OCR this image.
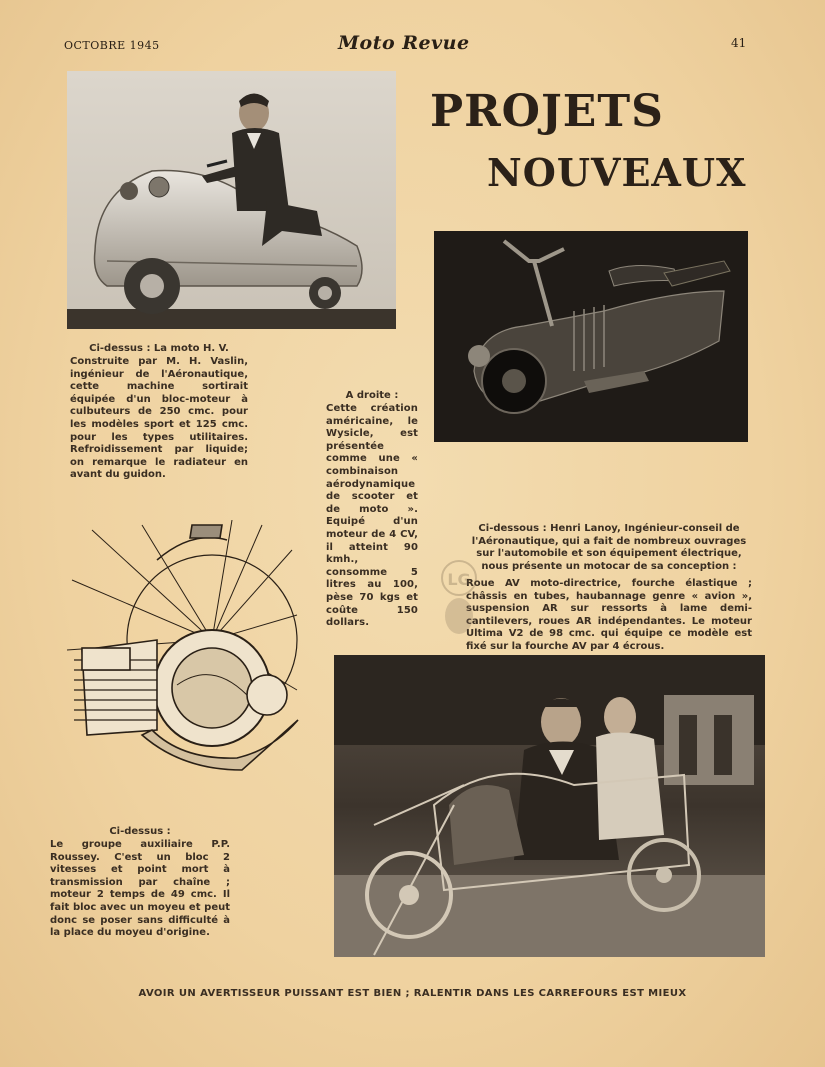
OCTOBRE 1945	Moto Revue	41
PROJETS
NOUVEAUX
Ci-dessus : La moto H. V.
Construite par M. H. Vaslin, ingénieur de l'Aéronautique, cette machine sortirait équipée d'un bloc-moteur à culbuteurs de 250 cmc. pour les modèles sport et 125 cmc. pour les types utilitaires. Refroidissement par liquide; on remarque le radiateur en avant du guidon.
A droite :
Cette création américaine, le Wysicle, est présentée comme une « combinaison aérodynamique de scooter et de moto ». Equipé d'un moteur de 4 CV, il atteint 90 kmh., consomme 5 litres au 100, pèse 70 kgs et coûte 150 dollars.
Ci-dessous : Henri Lanoy, Ingénieur-conseil de l'Aéronautique, qui a fait de nombreux ouvrages sur l'automobile et son équipement électrique, nous présente un motocar de sa conception :
Roue AV moto-directrice, fourche élastique ; châssis en tubes, haubannage genre « avion », suspension AR sur ressorts à lame demi-cantilevers, roues AR indépendantes. Le moteur Ultima V2 de 98 cmc. qui équipe ce modèle est fixé sur la fourche AV par 4 écrous.
Ci-dessus :
Le groupe auxiliaire P.P. Roussey. C'est un bloc 2 vitesses et point mort à transmission par chaîne ; moteur 2 temps de 49 cmc. Il fait bloc avec un moyeu et peut donc se poser sans difficulté à la place du moyeu d'origine.
LG
AVOIR UN AVERTISSEUR PUISSANT EST BIEN ; RALENTIR DANS LES CARREFOURS EST MIEUX
